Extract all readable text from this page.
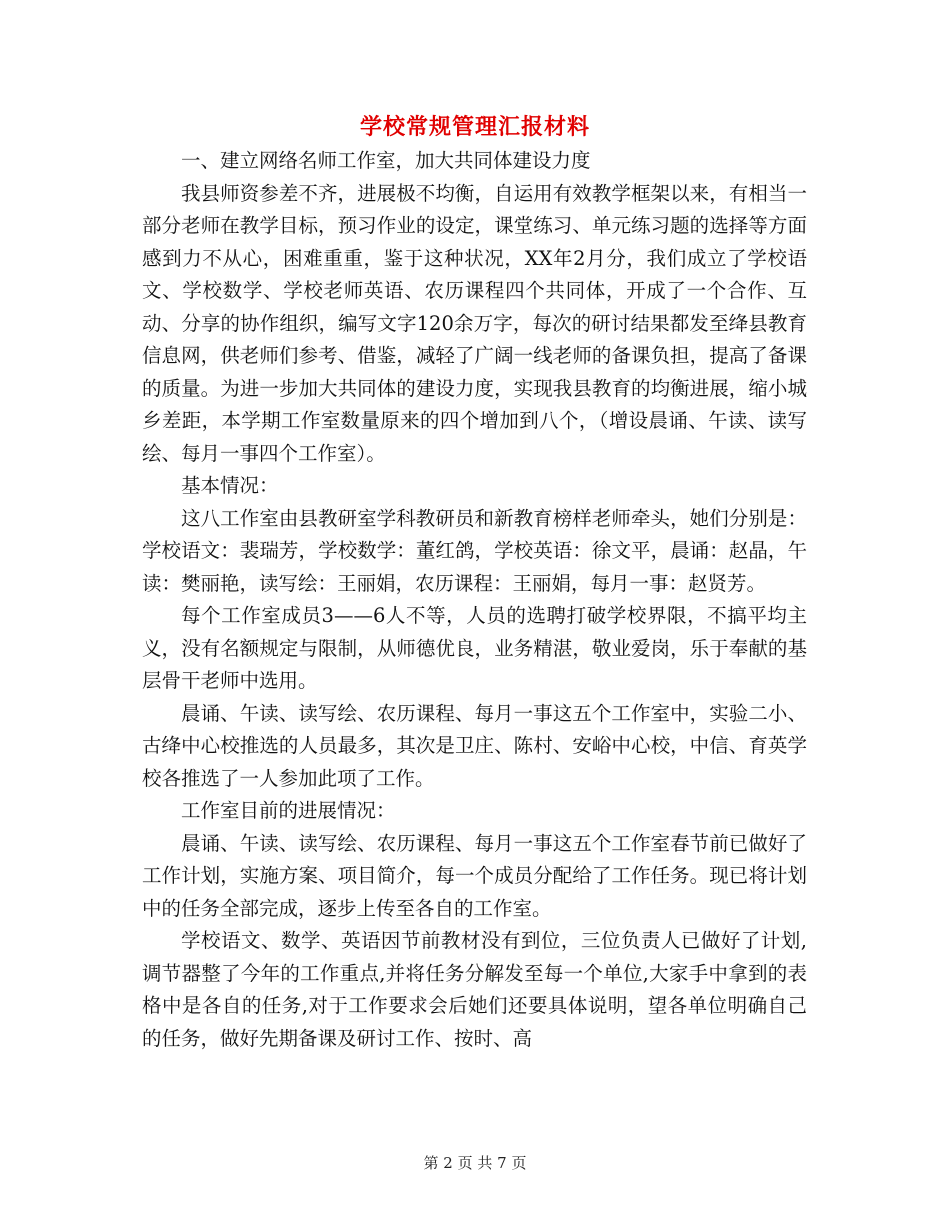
学校常规管理汇报材料

一、建立网络名师工作室，加大共同体建设力度

我县师资参差不齐，进展极不均衡，自运用有效教学框架以来，有相当一部分老师在教学目标，预习作业的设定，课堂练习、单元练习题的选择等方面感到力不从心，困难重重，鉴于这种状况，XX年2月分，我们成立了学校语文、学校数学、学校老师英语、农历课程四个共同体，开成了一个合作、互动、分享的协作组织，编写文字120余万字，每次的研讨结果都发至绛县教育信息网，供老师们参考、借鉴，减轻了广阔一线老师的备课负担，提高了备课的质量。为进一步加大共同体的建设力度，实现我县教育的均衡进展，缩小城乡差距，本学期工作室数量原来的四个增加到八个，（增设晨诵、午读、读写绘、每月一事四个工作室）。

基本情况：

这八工作室由县教研室学科教研员和新教育榜样老师牵头，她们分别是：学校语文：裴瑞芳，学校数学：董红鸽，学校英语：徐文平，晨诵：赵晶，午读：樊丽艳，读写绘：王丽娟，农历课程：王丽娟，每月一事：赵贤芳。

每个工作室成员3——6人不等，人员的选聘打破学校界限，不搞平均主义，没有名额规定与限制，从师德优良，业务精湛，敬业爱岗，乐于奉献的基层骨干老师中选用。

晨诵、午读、读写绘、农历课程、每月一事这五个工作室中，实验二小、古绛中心校推选的人员最多，其次是卫庄、陈村、安峪中心校，中信、育英学校各推选了一人参加此项了工作。

工作室目前的进展情况：

晨诵、午读、读写绘、农历课程、每月一事这五个工作室春节前已做好了工作计划，实施方案、项目简介，每一个成员分配给了工作任务。现已将计划中的任务全部完成，逐步上传至各自的工作室。

学校语文、数学、英语因节前教材没有到位，三位负责人已做好了计划,调节器整了今年的工作重点,并将任务分解发至每一个单位,大家手中拿到的表格中是各自的任务,对于工作要求会后她们还要具体说明，望各单位明确自己的任务，做好先期备课及研讨工作、按时、高

第 2 页 共 7 页
